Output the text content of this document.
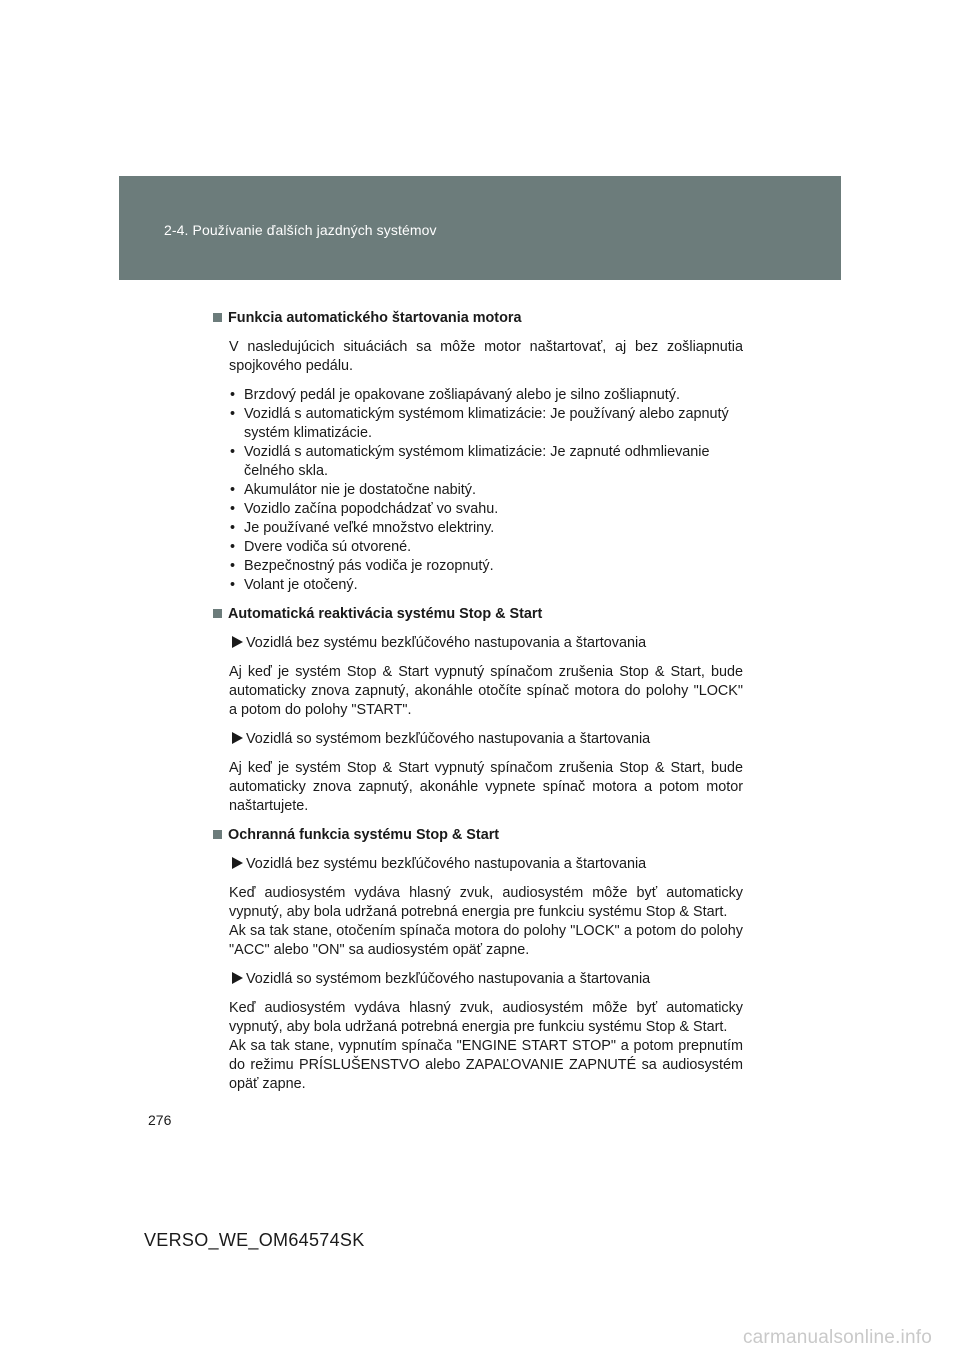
2-4. Používanie ďalších jazdných systémov
Funkcia automatického štartovania motora

V nasledujúcich situáciách sa môže motor naštartovať, aj bez zošliapnutia spojkového pedálu.

• Brzdový pedál je opakovane zošliapávaný alebo je silno zošliapnutý.
• Vozidlá s automatickým systémom klimatizácie: Je používaný alebo zapnutý systém klimatizácie.
• Vozidlá s automatickým systémom klimatizácie: Je zapnuté odhmlievanie čelného skla.
• Akumulátor nie je dostatočne nabitý.
• Vozidlo začína popodchádzať vo svahu.
• Je používané veľké množstvo elektriny.
• Dvere vodiča sú otvorené.
• Bezpečnostný pás vodiča je rozopnutý.
• Volant je otočený.
Automatická reaktivácia systému Stop & Start
Vozidlá bez systému bezkľúčového nastupovania a štartovania

Aj keď je systém Stop & Start vypnutý spínačom zrušenia Stop & Start, bude automaticky znova zapnutý, akonáhle otočíte spínač motora do polohy "LOCK" a potom do polohy "START".

Vozidlá so systémom bezkľúčového nastupovania a štartovania

Aj keď je systém Stop & Start vypnutý spínačom zrušenia Stop & Start, bude automaticky znova zapnutý, akonáhle vypnete spínač motora a potom motor naštartujete.

Ochranná funkcia systému Stop & Start
Vozidlá bez systému bezkľúčového nastupovania a štartovania

Keď audiosystém vydáva hlasný zvuk, audiosystém môže byť automaticky vypnutý, aby bola udržaná potrebná energia pre funkciu systému Stop & Start.

Ak sa tak stane, otočením spínača motora do polohy "LOCK" a potom do polohy "ACC" alebo "ON" sa audiosystém opäť zapne.

Vozidlá so systémom bezkľúčového nastupovania a štartovania

Keď audiosystém vydáva hlasný zvuk, audiosystém môže byť automaticky vypnutý, aby bola udržaná potrebná energia pre funkciu systému Stop & Start.

Ak sa tak stane, vypnutím spínača "ENGINE START STOP" a potom prepnutím do režimu PRÍSLUŠENSTVO alebo ZAPAĽOVANIE ZAPNUTÉ sa audiosystém opäť zapne.

276
VERSO_WE_OM64574SK
carmanualsonline.info
